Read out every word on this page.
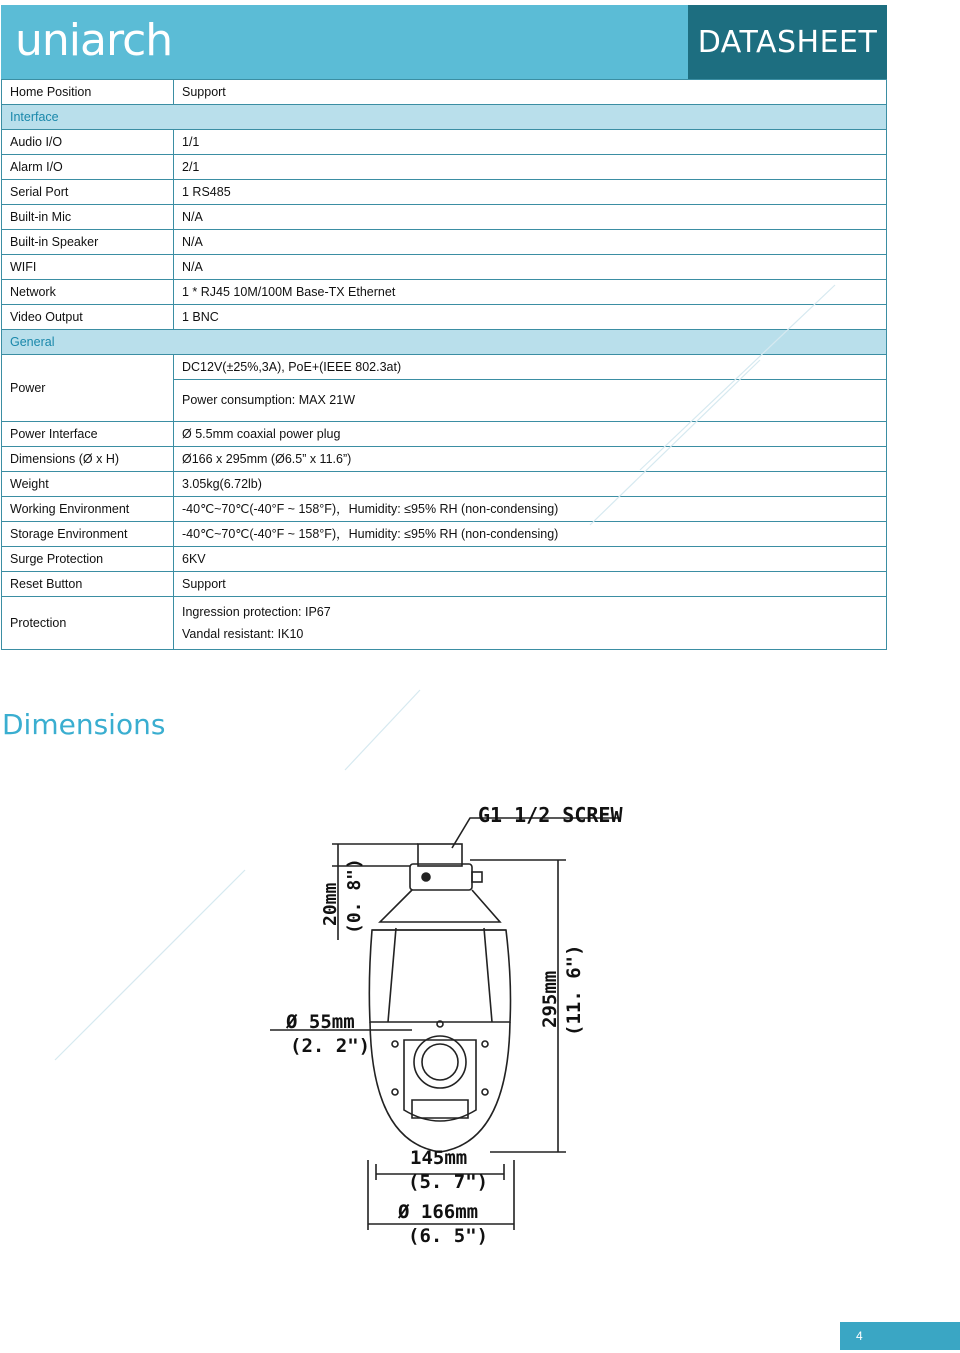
uniarch	DATASHEET
Home Position	Support
Interface	
Audio I/O	1/1
Alarm I/O	2/1
Serial Port	1 RS485
Built-in Mic	N/A
Built-in Speaker	N/A
WIFI	N/A
Network	1 * RJ45 10M/100M Base-TX Ethernet
Video Output	1 BNC
General	
Power	DC12V(±25%,3A), PoE+(IEEE 802.3at)
	Power consumption: MAX 21W
Power Interface	Ø 5.5mm coaxial power plug
Dimensions (Ø x H)	Ø166 x 295mm (Ø6.5” x 11.6”)
Weight	3.05kg(6.72lb)
Working Environment	-40℃~70℃(-40°F ~ 158°F)，Humidity: ≤95% RH (non-condensing)
Storage Environment	-40℃~70℃(-40°F ~ 158°F)，Humidity: ≤95% RH (non-condensing)
Surge Protection	6KV
Reset Button	Support
Protection	Ingression protection: IP67
Vandal resistant: IK10
Dimensions
G1 1/2 SCREW
20mm (0. 8")
Ø 55mm
(2. 2")
295mm (11. 6")
145mm
(5. 7")
Ø 166mm
(6. 5")
4
